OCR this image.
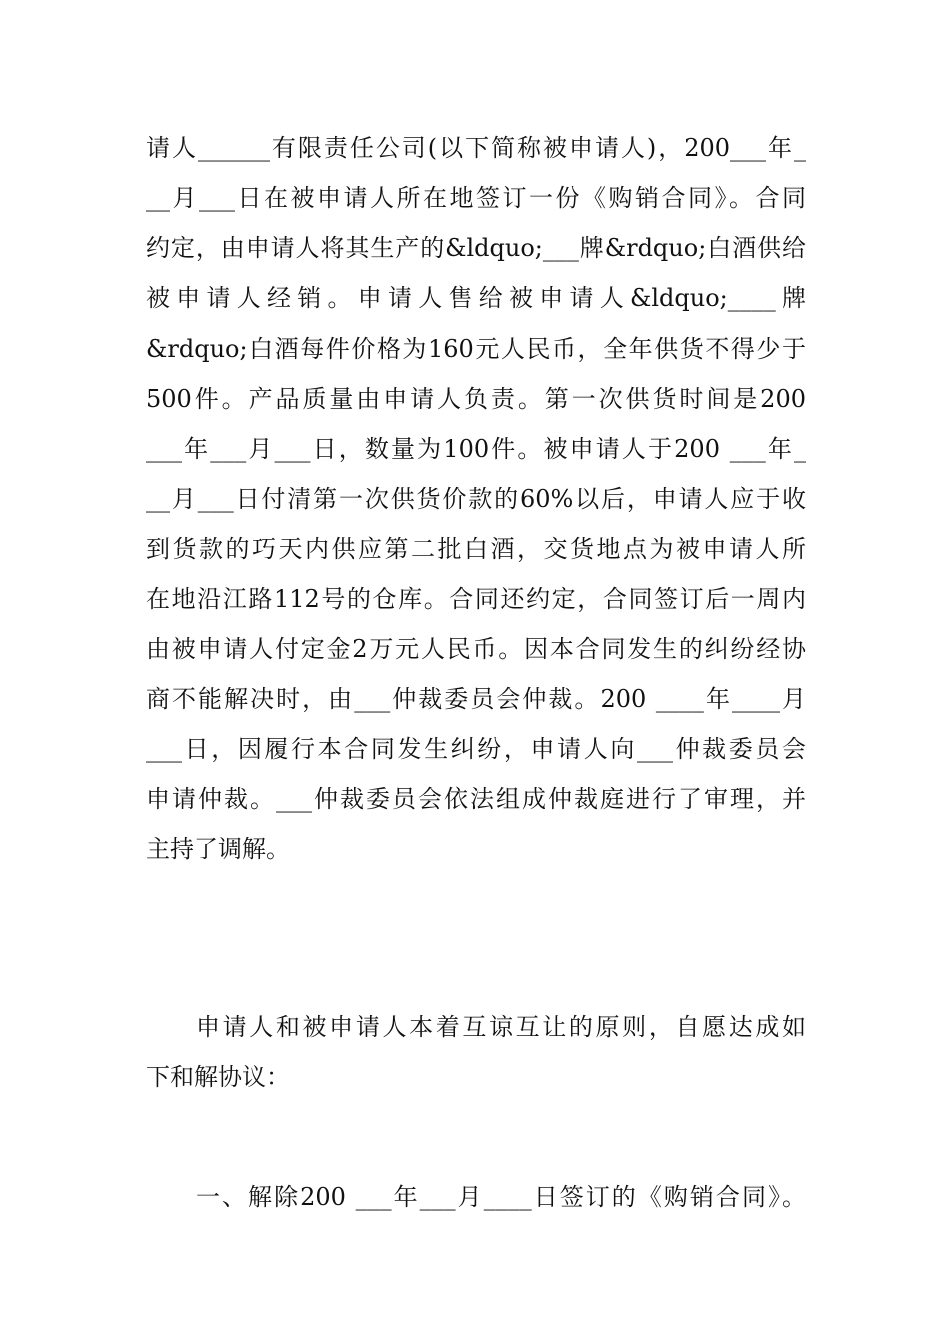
请人______有限责任公司(以下简称被申请人)，200___年_
__月___日在被申请人所在地签订一份《购销合同》。合同
约定，由申请人将其生产的&ldquo;___牌&rdquo;白酒供给
被申请人经销。申请人售给被申请人&ldquo;____牌
&rdquo;白酒每件价格为160元人民币，全年供货不得少于
500件。产品质量由申请人负责。第一次供货时间是200
___年___月___日，数量为100件。被申请人于200 ___年_
__月___日付清第一次供货价款的60%以后，申请人应于收
到货款的巧天内供应第二批白酒，交货地点为被申请人所
在地沿江路112号的仓库。合同还约定，合同签订后一周内
由被申请人付定金2万元人民币。因本合同发生的纠纷经协
商不能解决时，由___仲裁委员会仲裁。200 ____年____月
___日，因履行本合同发生纠纷，申请人向___仲裁委员会
申请仲裁。___仲裁委员会依法组成仲裁庭进行了审理，并
主持了调解。
申请人和被申请人本着互谅互让的原则，自愿达成如
下和解协议：
一、解除200 ___年___月____日签订的《购销合同》。
